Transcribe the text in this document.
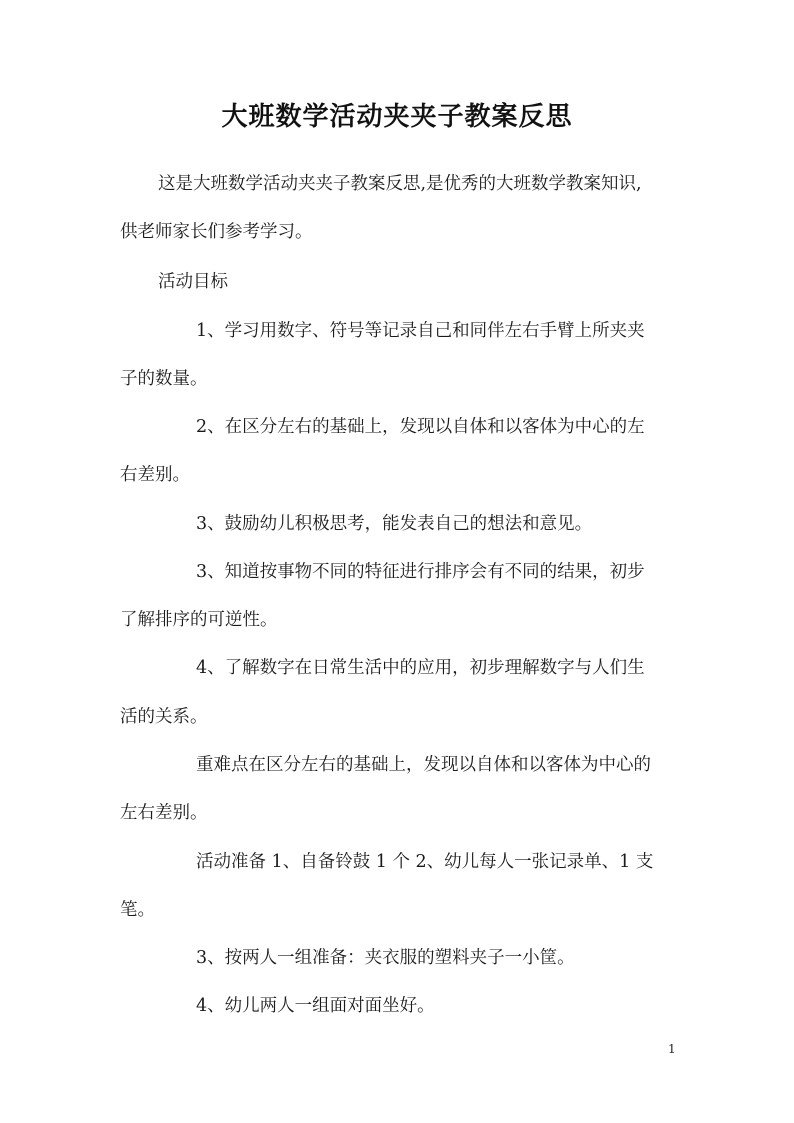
大班数学活动夹夹子教案反思
这是大班数学活动夹夹子教案反思,是优秀的大班数学教案知识,
供老师家长们参考学习。
活动目标
1、学习用数字、符号等记录自己和同伴左右手臂上所夹夹
子的数量。
2、在区分左右的基础上，发现以自体和以客体为中心的左
右差别。
3、鼓励幼儿积极思考，能发表自己的想法和意见。
3、知道按事物不同的特征进行排序会有不同的结果，初步
了解排序的可逆性。
4、了解数字在日常生活中的应用，初步理解数字与人们生
活的关系。
重难点在区分左右的基础上，发现以自体和以客体为中心的
左右差别。
活动准备 1、自备铃鼓 1 个 2、幼儿每人一张记录单、1 支
笔。
3、按两人一组准备：夹衣服的塑料夹子一小筐。
4、幼儿两人一组面对面坐好。
1
